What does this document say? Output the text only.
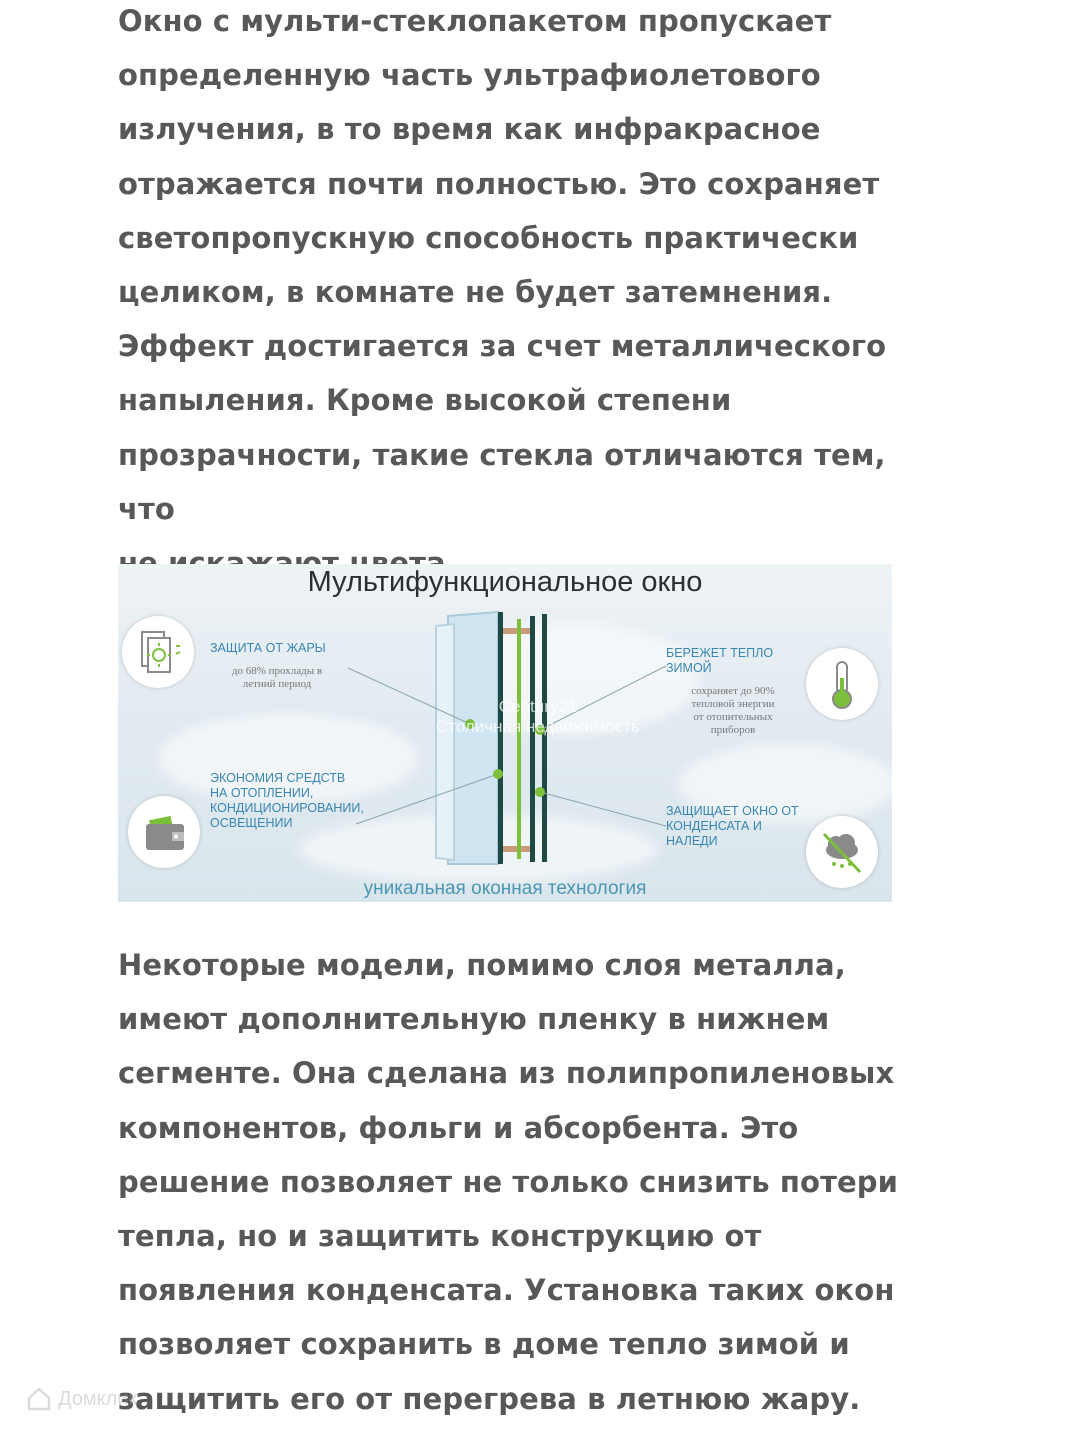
Окно с мульти-стеклопакетом пропускает
определенную часть ультрафиолетового
излучения, в то время как инфракрасное
отражается почти полностью. Это сохраняет
светопропускную способность практически
целиком, в комнате не будет затемнения.
Эффект достигается за счет металлического
напыления. Кроме высокой степени
прозрачности, такие стекла отличаются тем, что

Мультифункциональное окно
Century21
Столичная недвижимость
ЗАЩИТА ОТ ЖАРЫ
до 68% прохлады в
летний период
ЭКОНОМИЯ СРЕДСТВ
НА ОТОПЛЕНИИ,
КОНДИЦИОНИРОВАНИИ,
ОСВЕЩЕНИИ
БЕРЕЖЕТ ТЕПЛО
ЗИМОЙ
сохраняет до 90%
тепловой энергии
от отопительных
приборов
ЗАЩИЩАЕТ ОКНО ОТ
КОНДЕНСАТА И
НАЛЕДИ
уникальная оконная технология

Некоторые модели, помимо слоя металла,
имеют дополнительную пленку в нижнем
сегменте. Она сделана из полипропиленовых
компонентов, фольги и абсорбента. Это
решение позволяет не только снизить потери
тепла, но и защитить конструкцию от
появления конденсата. Установка таких окон
позволяет сохранить в доме тепло зимой и
защитить его от перегрева в летнюю жару.

Домклик
